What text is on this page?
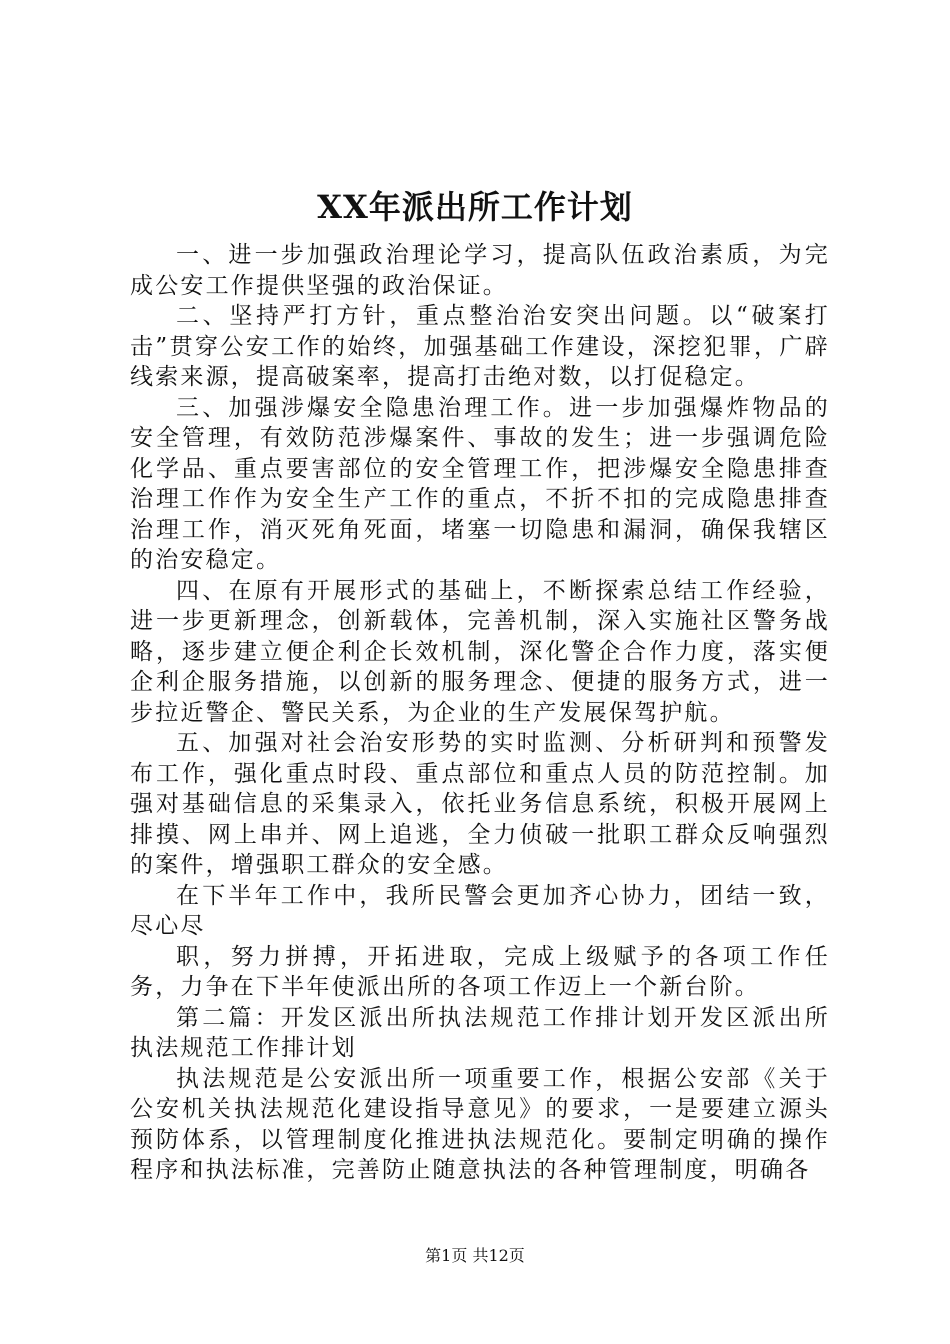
XX年派出所工作计划

一、进一步加强政治理论学习，提高队伍政治素质，为完成公安工作提供坚强的政治保证。

二、坚持严打方针，重点整治治安突出问题。以“破案打击”贯穿公安工作的始终，加强基础工作建设，深挖犯罪，广辟线索来源，提高破案率，提高打击绝对数，以打促稳定。

三、加强涉爆安全隐患治理工作。进一步加强爆炸物品的安全管理，有效防范涉爆案件、事故的发生；进一步强调危险化学品、重点要害部位的安全管理工作，把涉爆安全隐患排查治理工作作为安全生产工作的重点，不折不扣的完成隐患排查治理工作，消灭死角死面，堵塞一切隐患和漏洞，确保我辖区的治安稳定。

四、在原有开展形式的基础上，不断探索总结工作经验，进一步更新理念，创新载体，完善机制，深入实施社区警务战略，逐步建立便企利企长效机制，深化警企合作力度，落实便企利企服务措施，以创新的服务理念、便捷的服务方式，进一步拉近警企、警民关系，为企业的生产发展保驾护航。

五、加强对社会治安形势的实时监测、分析研判和预警发布工作，强化重点时段、重点部位和重点人员的防范控制。加强对基础信息的采集录入，依托业务信息系统，积极开展网上排摸、网上串并、网上追逃，全力侦破一批职工群众反响强烈的案件，增强职工群众的安全感。

在下半年工作中，我所民警会更加齐心协力，团结一致，尽心尽

职，努力拼搏，开拓进取，完成上级赋予的各项工作任务，力争在下半年使派出所的各项工作迈上一个新台阶。

第二篇：开发区派出所执法规范工作排计划开发区派出所执法规范工作排计划

执法规范是公安派出所一项重要工作，根据公安部《关于公安机关执法规范化建设指导意见》的要求，一是要建立源头预防体系，以管理制度化推进执法规范化。要制定明确的操作程序和执法标准，完善防止随意执法的各种管理制度，明确各

第1页 共12页
